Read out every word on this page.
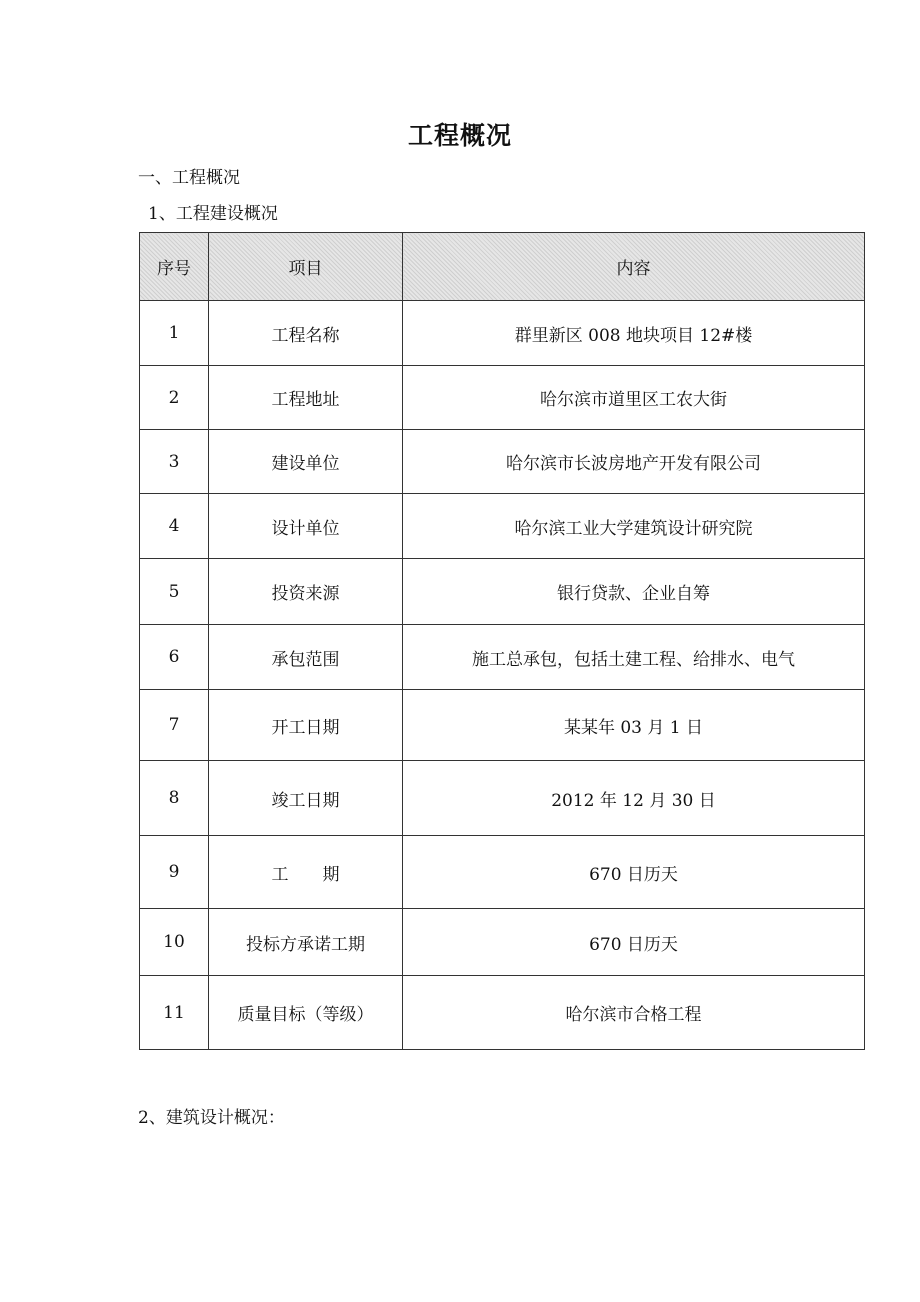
工程概况
一、工程概况
1、工程建设概况
序号	项目	内容
1	工程名称	群里新区 008 地块项目 12#楼
2	工程地址	哈尔滨市道里区工农大街
3	建设单位	哈尔滨市长波房地产开发有限公司
4	设计单位	哈尔滨工业大学建筑设计研究院
5	投资来源	银行贷款、企业自筹
6	承包范围	施工总承包，包括土建工程、给排水、电气
7	开工日期	某某年 03 月 1 日
8	竣工日期	2012 年 12 月 30 日
9	工　　期	670 日历天
10	投标方承诺工期	670 日历天
11	质量目标（等级）	哈尔滨市合格工程
2、建筑设计概况：
